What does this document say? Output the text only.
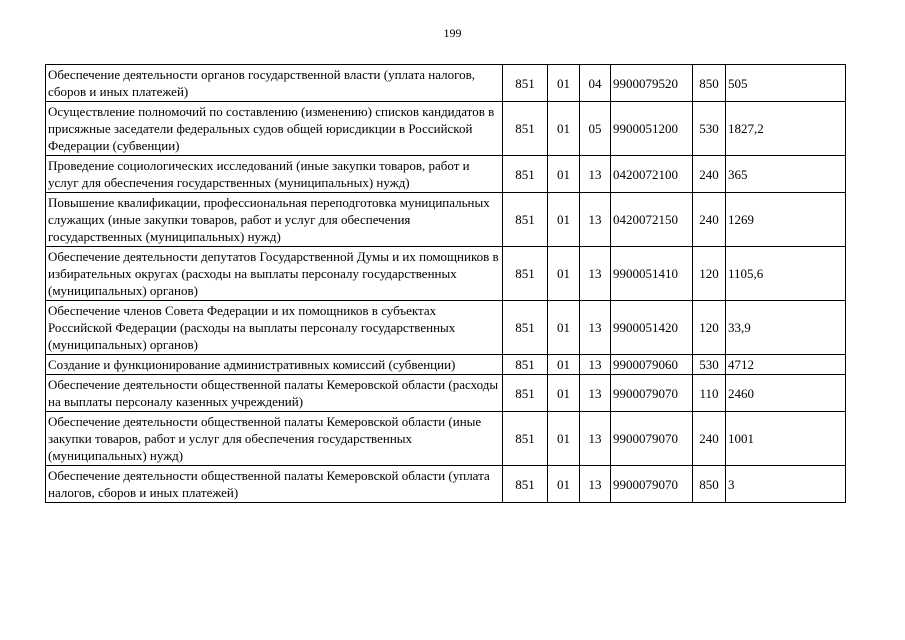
199
Обеспечение деятельности органов государственной власти (уплата налогов, сборов и иных платежей)	851	01	04	9900079520	850	505
Осуществление полномочий по составлению (изменению) списков кандидатов в присяжные заседатели федеральных судов общей юрисдикции в Российской Федерации (субвенции)	851	01	05	9900051200	530	1827,2
Проведение социологических исследований (иные закупки товаров, работ и услуг для обеспечения государственных (муниципальных) нужд)	851	01	13	0420072100	240	365
Повышение квалификации, профессиональная переподготовка муниципальных служащих (иные закупки товаров, работ и услуг для обеспечения государственных (муниципальных) нужд)	851	01	13	0420072150	240	1269
Обеспечение деятельности депутатов Государственной Думы и их помощников в избирательных округах (расходы на выплаты персоналу государственных (муниципальных) органов)	851	01	13	9900051410	120	1105,6
Обеспечение членов Совета Федерации и их помощников в субъектах Российской Федерации (расходы на выплаты персоналу государственных (муниципальных) органов)	851	01	13	9900051420	120	33,9
Создание и функционирование административных комиссий (субвенции)	851	01	13	9900079060	530	4712
Обеспечение деятельности общественной палаты Кемеровской области (расходы на выплаты персоналу казенных учреждений)	851	01	13	9900079070	110	2460
Обеспечение деятельности общественной палаты Кемеровской области (иные закупки товаров, работ и услуг для обеспечения государственных (муниципальных) нужд)	851	01	13	9900079070	240	1001
Обеспечение деятельности общественной палаты Кемеровской области (уплата налогов, сборов и иных платежей)	851	01	13	9900079070	850	3
